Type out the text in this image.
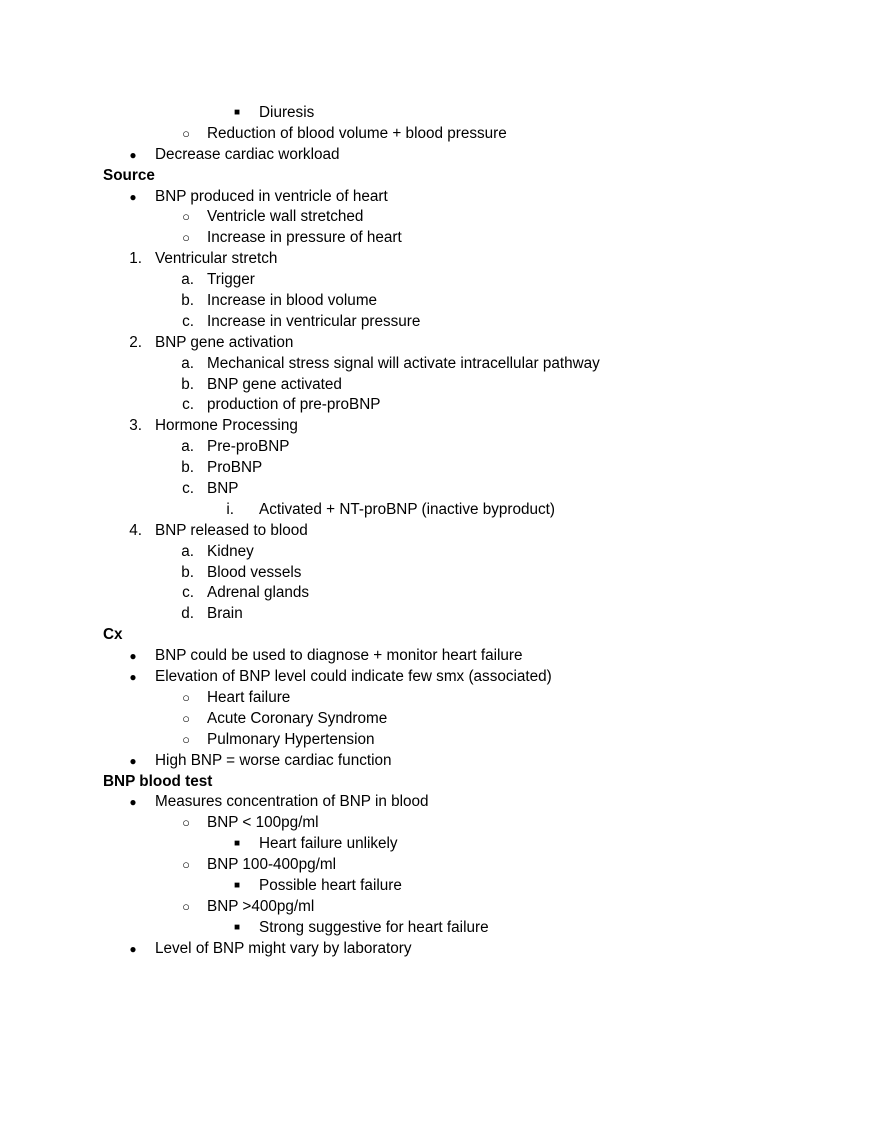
■	Diuresis
○	Reduction of blood volume + blood pressure
●	Decrease cardiac workload
Source
●	BNP produced in ventricle of heart
○	Ventricle wall stretched
○	Increase in pressure of heart
1. Ventricular stretch
a. Trigger
b. Increase in blood volume
c. Increase in ventricular pressure
2. BNP gene activation
a. Mechanical stress signal will activate intracellular pathway
b. BNP gene activated
c. production of pre-proBNP
3. Hormone Processing
a. Pre-proBNP
b. ProBNP
c. BNP
i. Activated + NT-proBNP (inactive byproduct)
4. BNP released to blood
a. Kidney
b. Blood vessels
c. Adrenal glands
d. Brain
Cx
●	BNP could be used to diagnose + monitor heart failure
●	Elevation of BNP level could indicate few smx (associated)
○	Heart failure
○	Acute Coronary Syndrome
○	Pulmonary Hypertension
●	High BNP = worse cardiac function
BNP blood test
●	Measures concentration of BNP in blood
○	BNP < 100pg/ml
■	Heart failure unlikely
○	BNP 100-400pg/ml
■	Possible heart failure
○	BNP >400pg/ml
■	Strong suggestive for heart failure
●	Level of BNP might vary by laboratory
